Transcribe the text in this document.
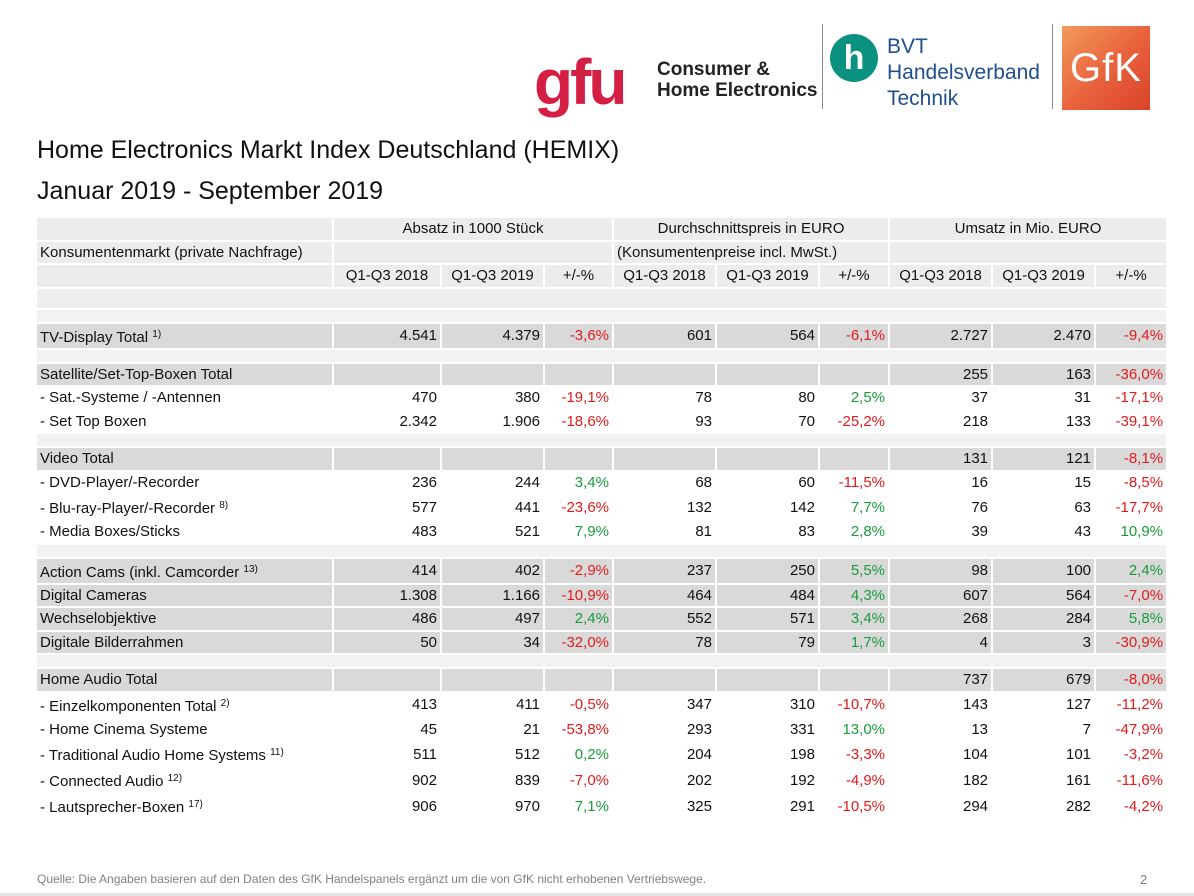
gfu Consumer &
Home Electronics
h	BVT
Handelsverband
Technik
GfK
Home Electronics Markt Index Deutschland (HEMIX)
Januar 2019 - September 2019
	Absatz in 1000 Stück			Durchschnittspreis in EURO			Umsatz in Mio. EURO		
Konsumentenmarkt (private Nachfrage)				(Konsumentenpreise incl. MwSt.)					
	Q1-Q3 2018	Q1-Q3 2019	+/-%	Q1-Q3 2018	Q1-Q3 2019	+/-%	Q1-Q3 2018	Q1-Q3 2019	+/-%

TV-Display Total $^{1)}$	4.541	4.379	-3,6%	601	564	-6,1%	2.727	2.470	-9,4%

Satellite/Set-Top-Boxen Total							255	163	-36,0%
- Sat.-Systeme / -Antennen	470	380	-19,1%	78	80	2,5%	37	31	-17,1%
- Set Top Boxen	2.342	1.906	-18,6%	93	70	-25,2%	218	133	-39,1%

Video Total							131	121	-8,1%
- DVD-Player/-Recorder	236	244	3,4%	68	60	-11,5%	16	15	-8,5%
- Blu-ray-Player/-Recorder $^{8)}$	577	441	-23,6%	132	142	7,7%	76	63	-17,7%
- Media Boxes/Sticks	483	521	7,9%	81	83	2,8%	39	43	10,9%

Action Cams (inkl. Camcorder $^{13)}$	414	402	-2,9%	237	250	5,5%	98	100	2,4%
Digital Cameras	1.308	1.166	-10,9%	464	484	4,3%	607	564	-7,0%
Wechselobjektive	486	497	2,4%	552	571	3,4%	268	284	5,8%
Digitale Bilderrahmen	50	34	-32,0%	78	79	1,7%	4	3	-30,9%

Home Audio Total							737	679	-8,0%
- Einzelkomponenten Total $^{2)}$	413	411	-0,5%	347	310	-10,7%	143	127	-11,2%
- Home Cinema Systeme	45	21	-53,8%	293	331	13,0%	13	7	-47,9%
- Traditional Audio Home Systems $^{11)}$	511	512	0,2%	204	198	-3,3%	104	101	-3,2%
- Connected Audio $^{12)}$	902	839	-7,0%	202	192	-4,9%	182	161	-11,6%
- Lautsprecher-Boxen $^{17)}$	906	970	7,1%	325	291	-10,5%	294	282	-4,2%
Quelle: Die Angaben basieren auf den Daten des GfK Handelspanels ergänzt um die von GfK nicht erhobenen Vertriebswege.	2
